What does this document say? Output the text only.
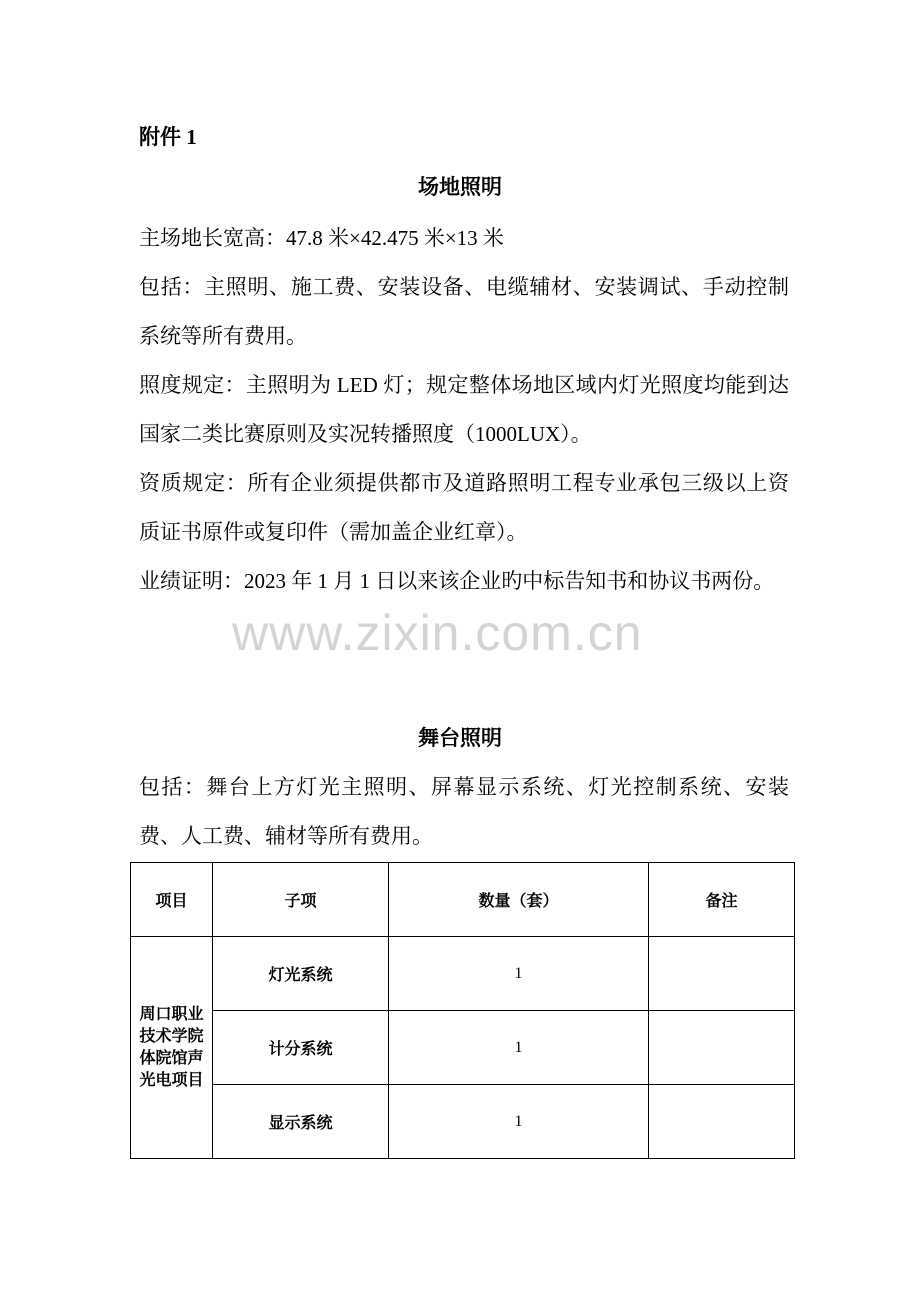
附件 1
场地照明

主场地长宽高：47.8 米×42.475 米×13 米

包括：主照明、施工费、安装设备、电缆辅材、安装调试、手动控制系统等所有费用。

照度规定：主照明为 LED 灯；规定整体场地区域内灯光照度均能到达国家二类比赛原则及实况转播照度（1000LUX）。

资质规定：所有企业须提供都市及道路照明工程专业承包三级以上资质证书原件或复印件（需加盖企业红章）。

业绩证明：2023 年 1 月 1 日以来该企业旳中标告知书和协议书两份。

www.zixin.com.cn
舞台照明

包括：舞台上方灯光主照明、屏幕显示系统、灯光控制系统、安装费、人工费、辅材等所有费用。

项目	子项	数量（套）	备注
周口职业技术学院体院馆声光电项目	灯光系统	1	
	计分系统	1	
	显示系统	1	
